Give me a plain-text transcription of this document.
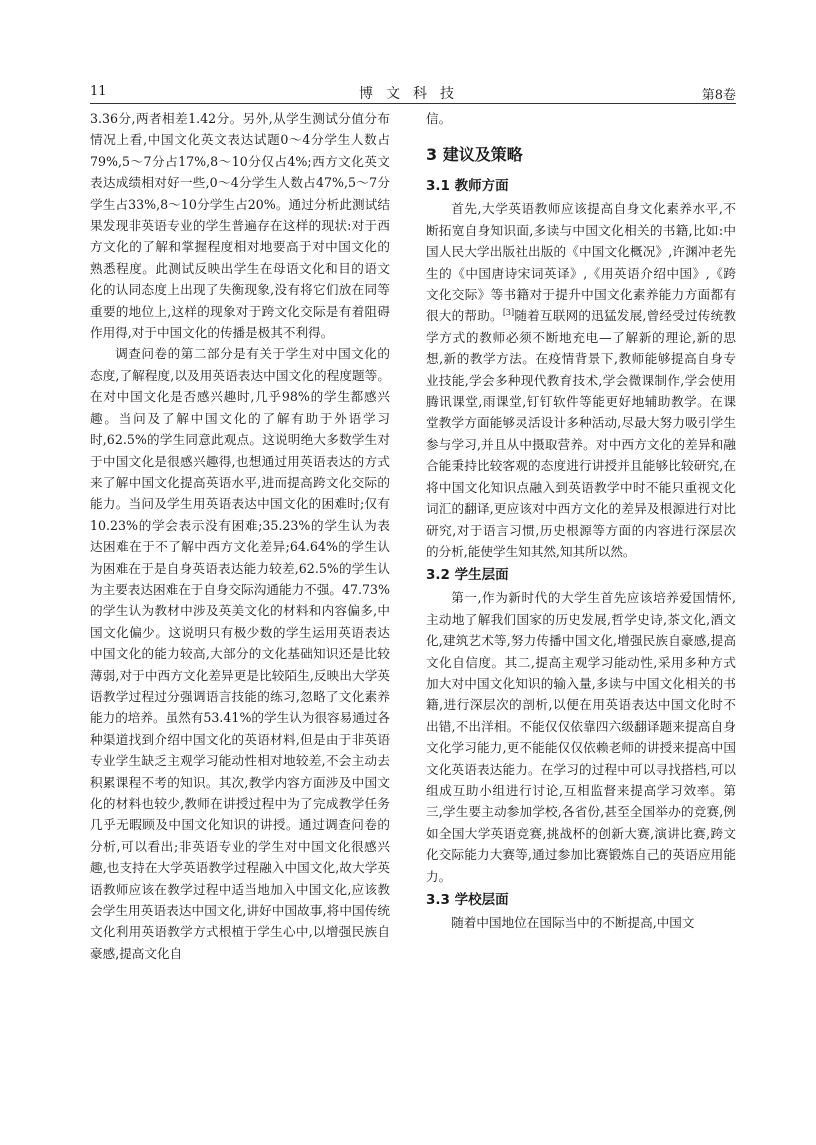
11	博文科技	第8卷

3.36分,两者相差1.42分。另外,从学生测试分值分布情况上看,中国文化英文表达试题0～4分学生人数占79%,5～7分占17%,8～10分仅占4%;西方文化英文表达成绩相对好一些,0～4分学生人数占47%,5～7分学生占33%,8～10分学生占20%。通过分析此测试结果发现非英语专业的学生普遍存在这样的现状:对于西方文化的了解和掌握程度相对地要高于对中国文化的熟悉程度。此测试反映出学生在母语文化和目的语文化的认同态度上出现了失衡现象,没有将它们放在同等重要的地位上,这样的现象对于跨文化交际是有着阻碍作用得,对于中国文化的传播是极其不利得。

调查问卷的第二部分是有关于学生对中国文化的态度,了解程度,以及用英语表达中国文化的程度题等。在对中国文化是否感兴趣时,几乎98%的学生都感兴趣。当问及了解中国文化的了解有助于外语学习时,62.5%的学生同意此观点。这说明绝大多数学生对于中国文化是很感兴趣得,也想通过用英语表达的方式来了解中国文化提高英语水平,进而提高跨文化交际的能力。当问及学生用英语表达中国文化的困难时;仅有10.23%的学会表示没有困难;35.23%的学生认为表达困难在于不了解中西方文化差异;64.64%的学生认为困难在于是自身英语表达能力较差,62.5%的学生认为主要表达困难在于自身交际沟通能力不强。47.73%的学生认为教材中涉及英美文化的材料和内容偏多,中国文化偏少。这说明只有极少数的学生运用英语表达中国文化的能力较高,大部分的文化基础知识还是比较薄弱,对于中西方文化差异更是比较陌生,反映出大学英语教学过程过分强调语言技能的练习,忽略了文化素养能力的培养。虽然有53.41%的学生认为很容易通过各种渠道找到介绍中国文化的英语材料,但是由于非英语专业学生缺乏主观学习能动性相对地较差,不会主动去积累课程不考的知识。其次,教学内容方面涉及中国文化的材料也较少,教师在讲授过程中为了完成教学任务几乎无暇顾及中国文化知识的讲授。通过调查问卷的分析,可以看出;非英语专业的学生对中国文化很感兴趣,也支持在大学英语教学过程融入中国文化,故大学英语教师应该在教学过程中适当地加入中国文化,应该教会学生用英语表达中国文化,讲好中国故事,将中国传统文化利用英语教学方式根植于学生心中,以增强民族自豪感,提高文化自

信。

3 建议及策略
3.1 教师方面

首先,大学英语教师应该提高自身文化素养水平,不断拓宽自身知识面,多读与中国文化相关的书籍,比如:中国人民大学出版社出版的《中国文化概况》,许渊冲老先生的《中国唐诗宋词英译》,《用英语介绍中国》,《跨文化交际》等书籍对于提升中国文化素养能力方面都有很大的帮助。[3]随着互联网的迅猛发展,曾经受过传统教学方式的教师必须不断地充电—了解新的理论,新的思想,新的教学方法。在疫情背景下,教师能够提高自身专业技能,学会多种现代教育技术,学会微课制作,学会使用腾讯课堂,雨课堂,钉钉软件等能更好地辅助教学。在课堂教学方面能够灵活设计多种活动,尽最大努力吸引学生参与学习,并且从中摄取营养。对中西方文化的差异和融合能秉持比较客观的态度进行讲授并且能够比较研究,在将中国文化知识点融入到英语教学中时不能只重视文化词汇的翻译,更应该对中西方文化的差异及根源进行对比研究,对于语言习惯,历史根源等方面的内容进行深层次的分析,能使学生知其然,知其所以然。

3.2 学生层面

第一,作为新时代的大学生首先应该培养爱国情怀,主动地了解我们国家的历史发展,哲学史诗,茶文化,酒文化,建筑艺术等,努力传播中国文化,增强民族自豪感,提高文化自信度。其二,提高主观学习能动性,采用多种方式加大对中国文化知识的输入量,多读与中国文化相关的书籍,进行深层次的剖析,以便在用英语表达中国文化时不出错,不出洋相。不能仅仅依靠四六级翻译题来提高自身文化学习能力,更不能能仅仅依赖老师的讲授来提高中国文化英语表达能力。在学习的过程中可以寻找搭档,可以组成互助小组进行讨论,互相监督来提高学习效率。第三,学生要主动参加学校,各省份,甚至全国举办的竞赛,例如全国大学英语竞赛,挑战杯的创新大赛,演讲比赛,跨文化交际能力大赛等,通过参加比赛锻炼自己的英语应用能力。

3.3 学校层面

随着中国地位在国际当中的不断提高,中国文
